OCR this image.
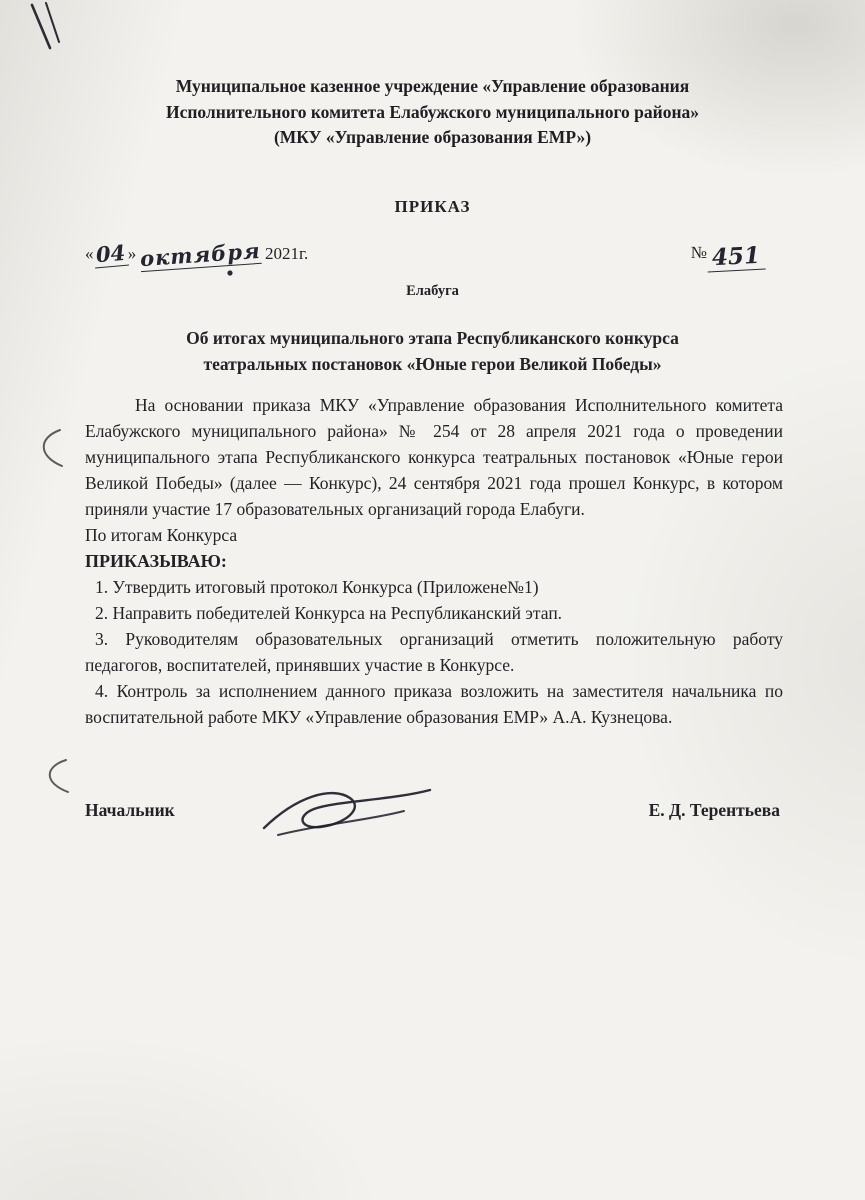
Муниципальное казенное учреждение «Управление образования
Исполнительного комитета Елабужского муниципального района»
(МКУ «Управление образования ЕМР»)
ПРИКАЗ
«04 » октября 2021г.	№ 451
Елабуга
Об итогах муниципального этапа Республиканского конкурса
театральных постановок «Юные герои Великой Победы»

На основании приказа МКУ «Управление образования Исполнительного комитета Елабужского муниципального района» № 254 от 28 апреля 2021 года о проведении муниципального этапа Республиканского конкурса театральных постановок «Юные герои Великой Победы» (далее — Конкурс), 24 сентября 2021 года прошел Конкурс, в котором приняли участие 17 образовательных организаций города Елабуги.

По итогам Конкурса

ПРИКАЗЫВАЮ:

1. Утвердить итоговый протокол Конкурса (Приложене№1)

2. Направить победителей Конкурса на Республиканский этап.

3. Руководителям образовательных организаций отметить положительную работу педагогов, воспитателей, принявших участие в Конкурсе.

4. Контроль за исполнением данного приказа возложить на заместителя начальника по воспитательной работе МКУ «Управление образования ЕМР» А.А. Кузнецова.

Начальник	Е. Д. Терентьева
